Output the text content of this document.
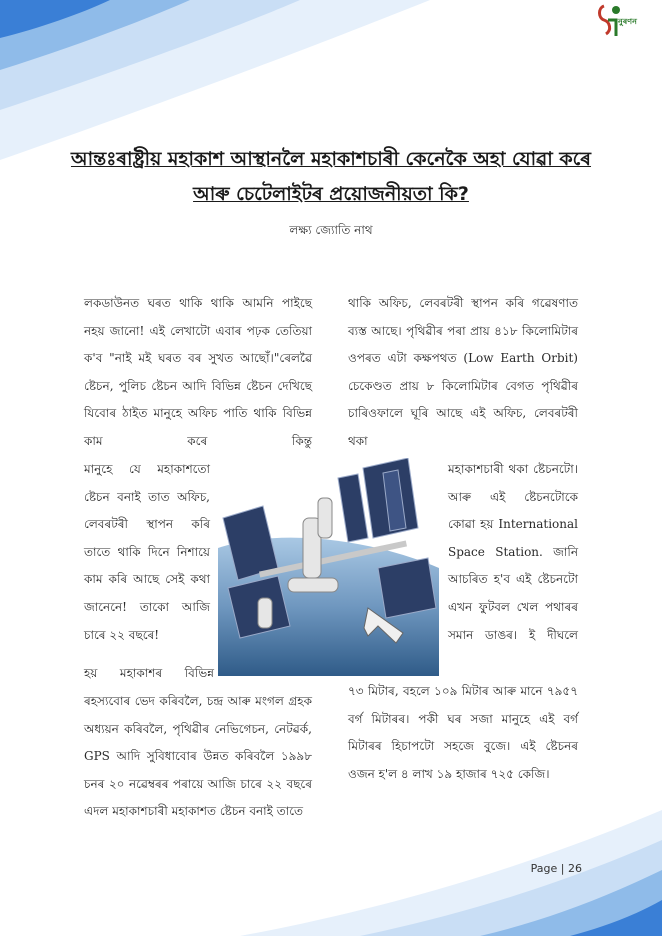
নুৰণন
আন্তঃৰাষ্ট্ৰীয় মহাকাশ আস্থানলৈ মহাকাশচাৰী কেনেকৈ অহা যোৱা কৰে
আৰু চেটেলাইটৰ প্ৰয়োজনীয়তা কি?
লক্ষ্য জ্যোতি নাথ

লকডাউনত ঘৰত থাকি থাকি আমনি পাইছে নহয় জানো! এই লেখাটো এবাৰ পঢ়ক তেতিয়া ক'ব "নাই মই ঘৰত বৰ সুখত আছোঁ।"ৰেলৱৈ ষ্টেচন, পুলিচ ষ্টেচন আদি বিভিন্ন ষ্টেচন দেখিছে যিবোৰ ঠাইত মানুহে অফিচ পাতি থাকি বিভিন্ন কাম কৰে কিন্তু

মানুহে যে মহাকাশতো ষ্টেচন বনাই তাত অফিচ, লেবৰটৰী স্থাপন কৰি তাতে থাকি দিনে নিশায়ে কাম কৰি আছে সেই কথা জানেনে! তাকো আজি চাৰে ২২ বছৰে!

হয় মহাকাশৰ বিভিন্ন

ৰহস্যবোৰ ভেদ কৰিবলৈ, চন্দ্ৰ আৰু মংগল গ্ৰহক অধ্যয়ন কৰিবলৈ, পৃথিৱীৰ নেভিগেচন, নেটৱৰ্ক, GPS আদি সুবিধাবোৰ উন্নত কৰিবলৈ ১৯৯৮ চনৰ ২০ নৱেম্বৰৰ পৰায়ে আজি চাৰে ২২ বছৰে এদল মহাকাশচাৰী মহাকাশত ষ্টেচন বনাই তাতে

থাকি অফিচ, লেবৰটৰী স্থাপন কৰি গৱেষণাত ব্যস্ত আছে। পৃথিৱীৰ পৰা প্ৰায় ৪১৮ কিলোমিটাৰ ওপৰত এটা কক্ষপথত (Low Earth Orbit) চেকেণ্ডত প্ৰায় ৮ কিলোমিটাৰ বেগত পৃথিৱীৰ চাৰিওফালে ঘূৰি আছে এই অফিচ, লেবৰটৰী থকা

মহাকাশচাৰী থকা ষ্টেচনটো। আৰু এই ষ্টেচনটোকে কোৱা হয় International Space Station. জানি আচৰিত হ'ব এই ষ্টেচনটো এখন ফুটবল খেল পথাৰৰ সমান ডাঙৰ। ই দীঘলে

৭৩ মিটাৰ, বহলে ১০৯ মিটাৰ আৰু মানে ৭৯৫৭ বৰ্গ মিটাৰৰ। পকী ঘৰ সজা মানুহে এই বৰ্গ মিটাৰৰ হিচাপটো সহজে বুজে। এই ষ্টেচনৰ ওজন হ'ল ৪ লাখ ১৯ হাজাৰ ৭২৫ কেজি।

Page | 26
